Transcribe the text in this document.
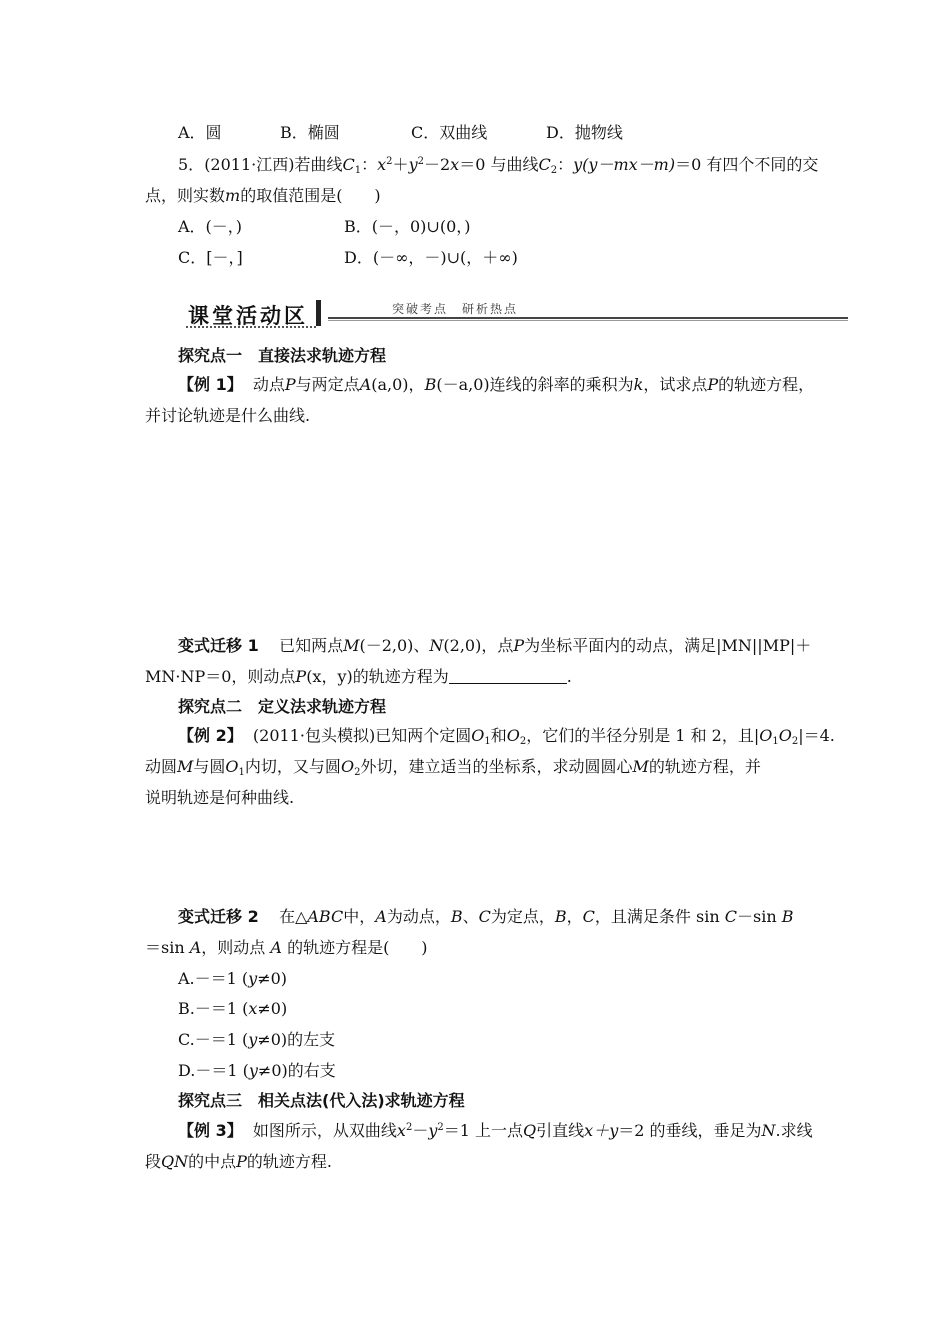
A．圆	B．椭圆	C．双曲线	D．抛物线
5．(2011·江西)若曲线$C_1$：$x^2+y^2-2x=0$ 与曲线$C_2$：y(y－mx－m)＝0 有四个不同的交
点，则实数m的取值范围是(　　)
A．(－，)	B．(－，0)∪(0，)
C．[－，]	D．(－∞，－)∪(，＋∞)
课堂活动区	突破考点　研析热点
探究点一　直接法求轨迹方程
【例 1】 动点P与两定点A(a,0)，B(－a,0)连线的斜率的乘积为k，试求点P的轨迹方程，
并讨论轨迹是什么曲线.
变式迁移 1 已知两点M(－2,0)、N(2,0)，点P为坐标平面内的动点，满足|MN||MP|＋
MN·NP＝0，则动点P(x，y)的轨迹方程为	.
探究点二　定义法求轨迹方程
【例 2】 (2011·包头模拟)已知两个定圆$O_1$和$O_2$，它们的半径分别是 1 和 2，且$|O_1O_2|=4$.
动圆M与圆$O_1$内切，又与圆$O_2$外切，建立适当的坐标系，求动圆圆心M的轨迹方程，并
说明轨迹是何种曲线.
变式迁移 2 在△ABC中，A为动点，B、C为定点，B，C，且满足条件 sin C－sin B
＝sin A，则动点 A 的轨迹方程是(　　)
A.－＝1 (y≠0)
B.－＝1 (x≠0)
C.－＝1 (y≠0)的左支
D.－＝1 (y≠0)的右支
探究点三　相关点法(代入法)求轨迹方程
【例 3】 如图所示，从双曲线$x^2-y^2=1$ 上一点Q引直线x＋y＝2 的垂线，垂足为N.求线
段QN的中点P的轨迹方程.
